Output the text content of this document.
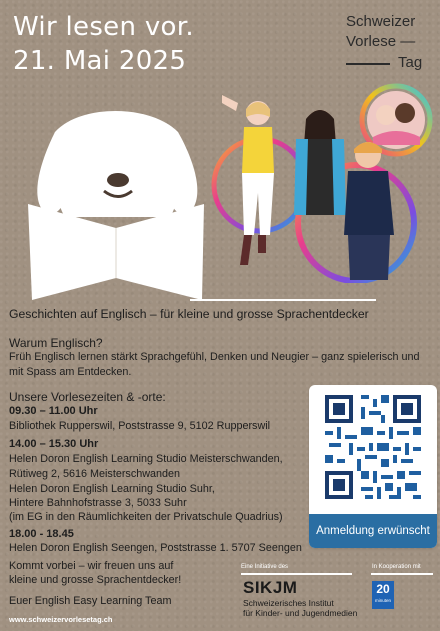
Wir lesen vor.
21. Mai 2025
Schweizer
Vorlese —
Tag
Geschichten auf Englisch – für kleine und grosse Sprachentdecker
Warum Englisch?
Früh Englisch lernen stärkt Sprachgefühl, Denken und Neugier – ganz spielerisch und mit Spass am Entdecken.
Unsere Vorlesezeiten & -orte:
09.30 – 11.00 Uhr
Bibliothek Rupperswil, Poststrasse 9, 5102 Rupperswil
14.00 – 15.30 Uhr
Helen Doron English Learning Studio Meisterschwanden,
Rütiweg 2, 5616 Meisterschwanden
Helen Doron English Learning Studio Suhr,
Hintere Bahnhofstrasse 3, 5033 Suhr
(im EG in den Räumlichkeiten der Privatschule Quadrius)
18.00 - 18.45
Helen Doron English Seengen, Poststrasse 1. 5707 Seengen
Kommt vorbei – wir freuen uns auf
kleine und grosse Sprachentdecker!
Euer English Easy Learning Team
Anmeldung erwünscht
Eine Initiative des
SIKJM
Schweizerisches Institut
für Kinder- und Jugendmedien
In Kooperation mit
20
minuten
www.schweizervorlesetag.ch
